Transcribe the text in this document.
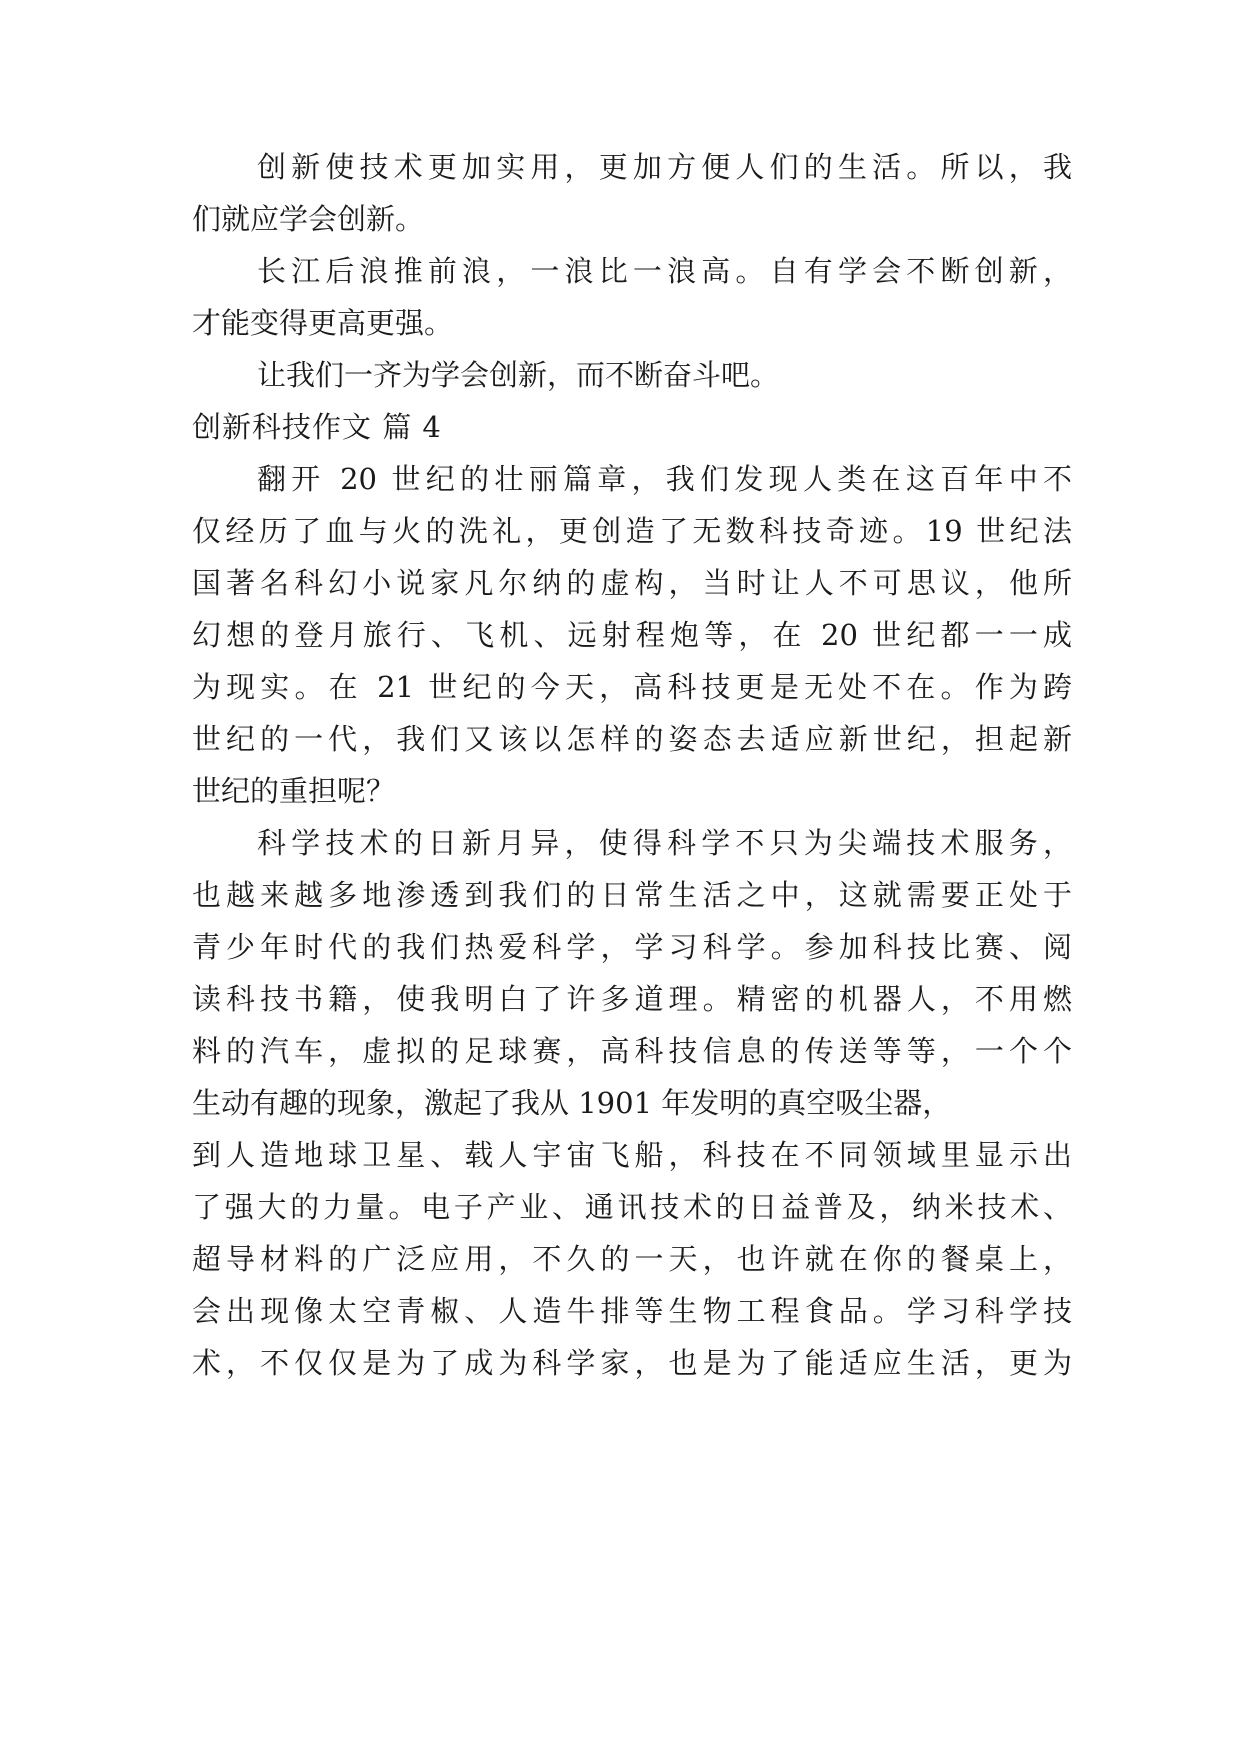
创新使技术更加实用，更加方便人们的生活。所以，我
们就应学会创新。
长江后浪推前浪，一浪比一浪高。自有学会不断创新，
才能变得更高更强。
让我们一齐为学会创新，而不断奋斗吧。
创新科技作文 篇 4
翻开 20 世纪的壮丽篇章，我们发现人类在这百年中不
仅经历了血与火的洗礼，更创造了无数科技奇迹。19 世纪法
国著名科幻小说家凡尔纳的虚构，当时让人不可思议，他所
幻想的登月旅行、飞机、远射程炮等，在 20 世纪都一一成
为现实。在 21 世纪的今天，高科技更是无处不在。作为跨
世纪的一代，我们又该以怎样的姿态去适应新世纪，担起新
世纪的重担呢？
科学技术的日新月异，使得科学不只为尖端技术服务，
也越来越多地渗透到我们的日常生活之中，这就需要正处于
青少年时代的我们热爱科学，学习科学。参加科技比赛、阅
读科技书籍，使我明白了许多道理。精密的机器人，不用燃
料的汽车，虚拟的足球赛，高科技信息的传送等等，一个个
生动有趣的现象，激起了我从 1901 年发明的真空吸尘器，
到人造地球卫星、载人宇宙飞船，科技在不同领域里显示出
了强大的力量。电子产业、通讯技术的日益普及，纳米技术、
超导材料的广泛应用，不久的一天，也许就在你的餐桌上，
会出现像太空青椒、人造牛排等生物工程食品。学习科学技
术，不仅仅是为了成为科学家，也是为了能适应生活，更为
